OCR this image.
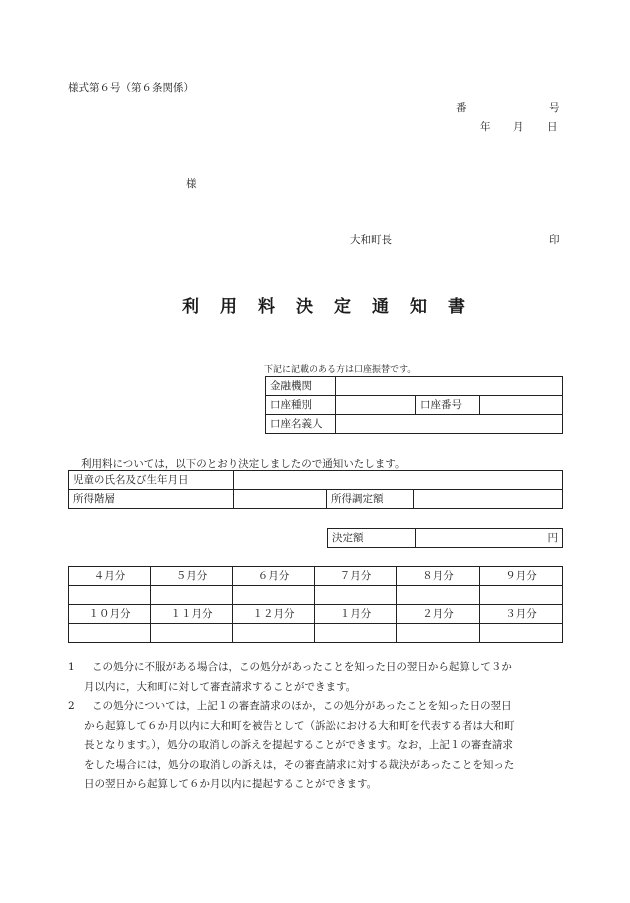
様式第６号（第６条関係）
番	号
年 月 日
様
大和町長	印
利用料決定通知書
下記に記載のある方は口座振替です。
金融機関			
口座種別		口座番号	
口座名義人			
利用料については，以下のとおり決定しましたので通知いたします。
児童の氏名及び生年月日			
所得階層		所得調定額	
決定額	円
４月分	５月分	６月分	７月分	８月分	９月分

１０月分	１１月分	１２月分	１月分	２月分	３月分

1 この処分に不服がある場合は，この処分があったことを知った日の翌日から起算して３か
月以内に，大和町に対して審査請求することができます。
2 この処分については，上記１の審査請求のほか，この処分があったことを知った日の翌日
から起算して６か月以内に大和町を被告として（訴訟における大和町を代表する者は大和町
長となります。），処分の取消しの訴えを提起することができます。なお，上記１の審査請求
をした場合には，処分の取消しの訴えは，その審査請求に対する裁決があったことを知った
日の翌日から起算して６か月以内に提起することができます。
